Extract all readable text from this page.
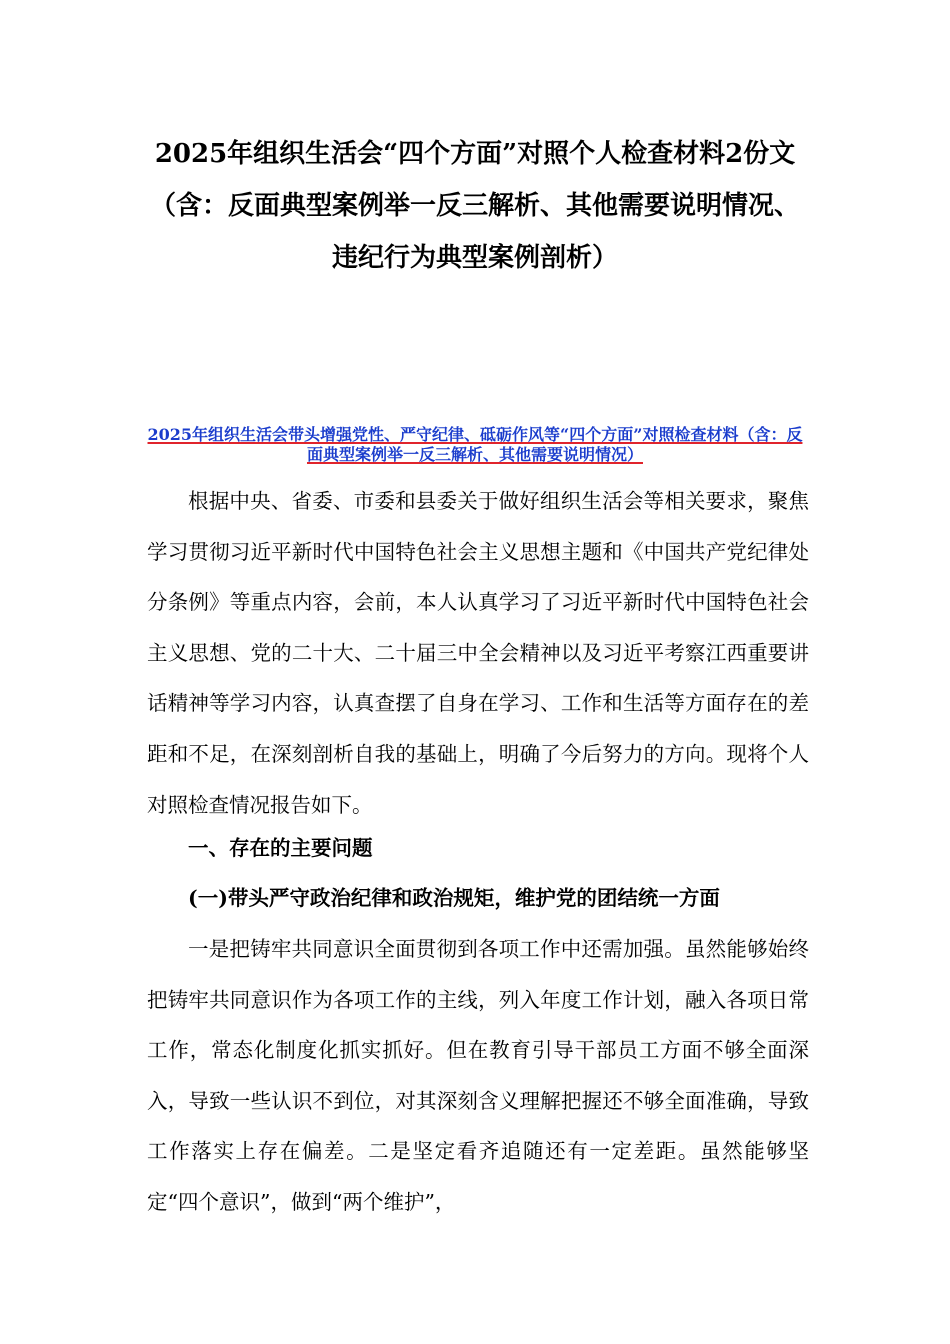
2025年组织生活会“四个方面”对照个人检查材料2份文（含：反面典型案例举一反三解析、其他需要说明情况、违纪行为典型案例剖析）

2025年组织生活会带头增强党性、严守纪律、砥砺作风等“四个方面”对照检查材料（含：反面典型案例举一反三解析、其他需要说明情况）

根据中央、省委、市委和县委关于做好组织生活会等相关要求，聚焦学习贯彻习近平新时代中国特色社会主义思想主题和《中国共产党纪律处分条例》等重点内容，会前，本人认真学习了习近平新时代中国特色社会主义思想、党的二十大、二十届三中全会精神以及习近平考察江西重要讲话精神等学习内容，认真查摆了自身在学习、工作和生活等方面存在的差距和不足，在深刻剖析自我的基础上，明确了今后努力的方向。现将个人对照检查情况报告如下。

一、存在的主要问题
(一)带头严守政治纪律和政治规矩，维护党的团结统一方面

一是把铸牢共同意识全面贯彻到各项工作中还需加强。虽然能够始终把铸牢共同意识作为各项工作的主线，列入年度工作计划，融入各项日常工作，常态化制度化抓实抓好。但在教育引导干部员工方面不够全面深入，导致一些认识不到位，对其深刻含义理解把握还不够全面准确，导致工作落实上存在偏差。二是坚定看齐追随还有一定差距。虽然能够坚定“四个意识”，做到“两个维护”，
